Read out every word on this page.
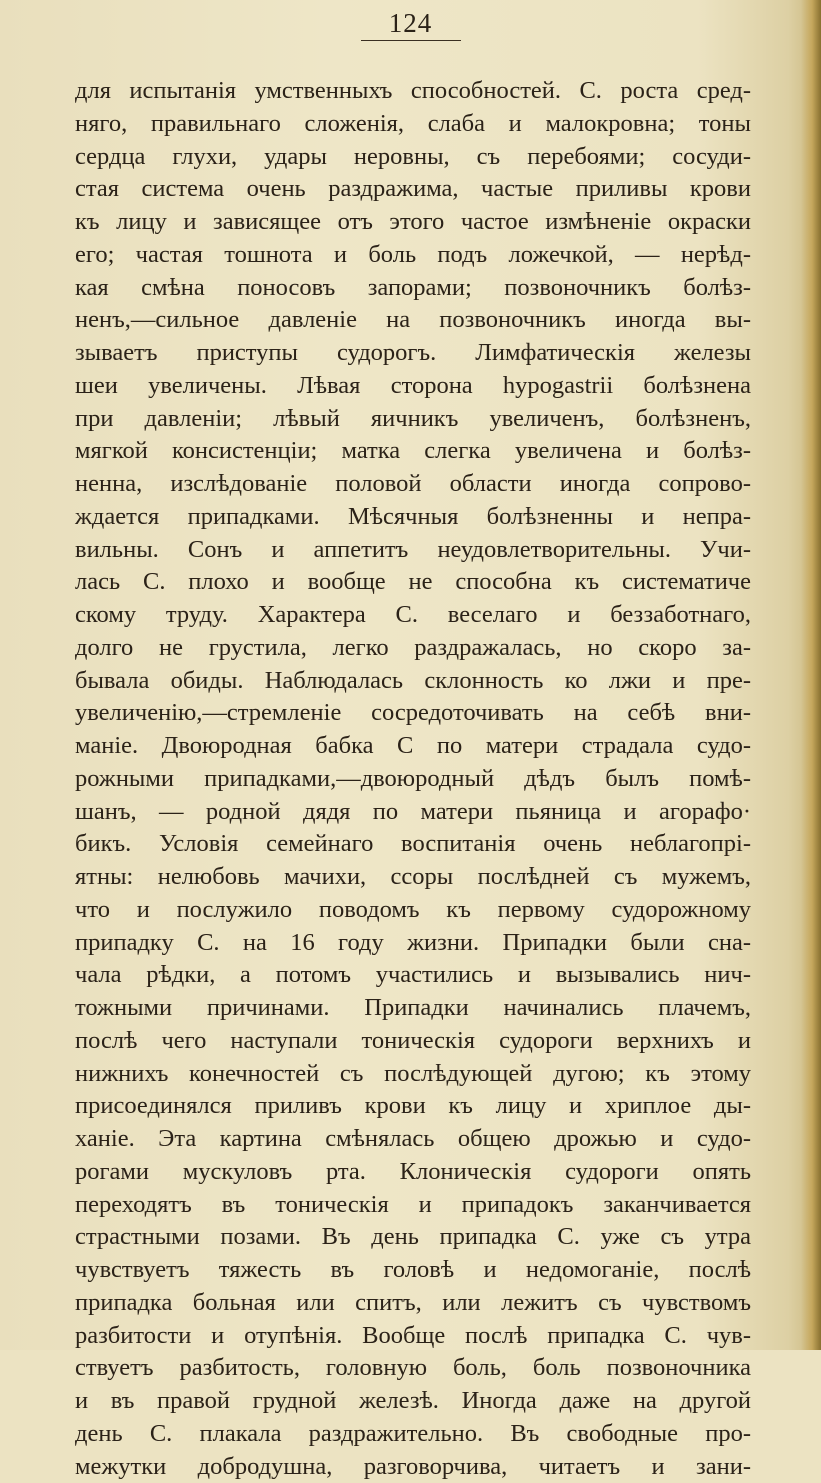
124
для испытанія умственныхъ способностей. С. роста сред-
няго, правильнаго сложенія, слаба и малокровна; тоны
сердца глухи, удары неровны, съ перебоями; сосуди-
стая система очень раздражима, частые приливы крови
къ лицу и зависящее отъ этого частое измѣненіе окраски
его; частая тошнота и боль подъ ложечкой, — нерѣд-
кая смѣна поносовъ запорами; позвоночникъ болѣз-
ненъ,—сильное давленіе на позвоночникъ иногда вы-
зываетъ приступы судорогъ. Лимфатическія железы
шеи увеличены. Лѣвая сторона hypogastrii болѣзнена
при давленіи; лѣвый яичникъ увеличенъ, болѣзненъ,
мягкой консистенціи; матка слегка увеличена и болѣз-
ненна, изслѣдованіе половой области иногда сопрово-
ждается припадками. Мѣсячныя болѣзненны и непра-
вильны. Сонъ и аппетитъ неудовлетворительны. Учи-
лась С. плохо и вообще не способна къ систематиче
скому труду. Характера С. веселаго и беззаботнаго,
долго не грустила, легко раздражалась, но скоро за-
бывала обиды. Наблюдалась склонность ко лжи и пре-
увеличенію,—стремленіе сосредоточивать на себѣ вни-
маніе. Двоюродная бабка С по матери страдала судо-
рожными припадками,—двоюродный дѣдъ былъ помѣ-
шанъ, — родной дядя по матери пьяница и агорафо·
бикъ. Условія семейнаго воспитанія очень неблагопрі-
ятны: нелюбовь мачихи, ссоры послѣдней съ мужемъ,
что и послужило поводомъ къ первому судорожному
припадку С. на 16 году жизни. Припадки были сна-
чала рѣдки, а потомъ участились и вызывались нич-
тожными причинами. Припадки начинались плачемъ,
послѣ чего наступали тоническія судороги верхнихъ и
нижнихъ конечностей съ послѣдующей дугою; къ этому
присоединялся приливъ крови къ лицу и хриплое ды-
ханіе. Эта картина смѣнялась общею дрожью и судо-
рогами мускуловъ рта. Клоническія судороги опять
переходятъ въ тоническія и припадокъ заканчивается
страстными позами. Въ день припадка С. уже съ утра
чувствуетъ тяжесть въ головѣ и недомоганіе, послѣ
припадка больная или спитъ, или лежитъ съ чувствомъ
разбитости и отупѣнія. Вообще послѣ припадка С. чув-
ствуетъ разбитость, головную боль, боль позвоночника
и въ правой грудной железѣ. Иногда даже на другой
день С. плакала раздражительно. Въ свободные про-
межутки добродушна, разговорчива, читаетъ и зани-
